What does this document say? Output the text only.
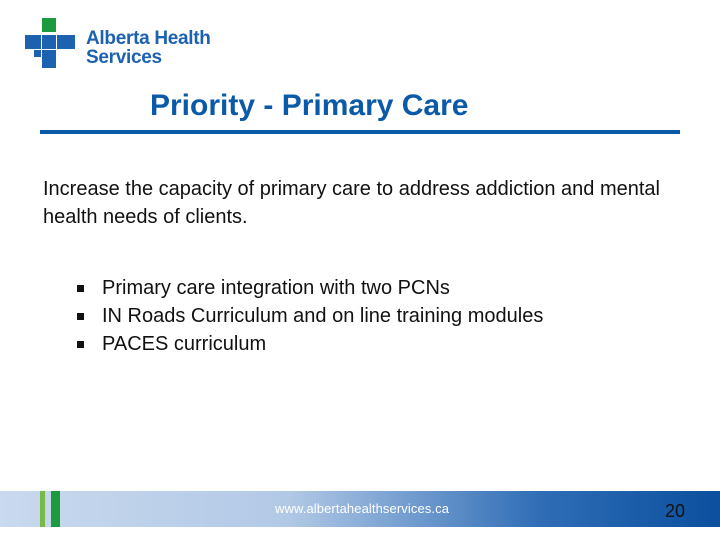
Alberta Health
Services
Priority - Primary Care
Increase the capacity of primary care to address addiction and mental health needs of clients.
Primary care integration with two PCNs
IN Roads Curriculum and on line training modules
PACES curriculum
www.albertahealthservices.ca	20
